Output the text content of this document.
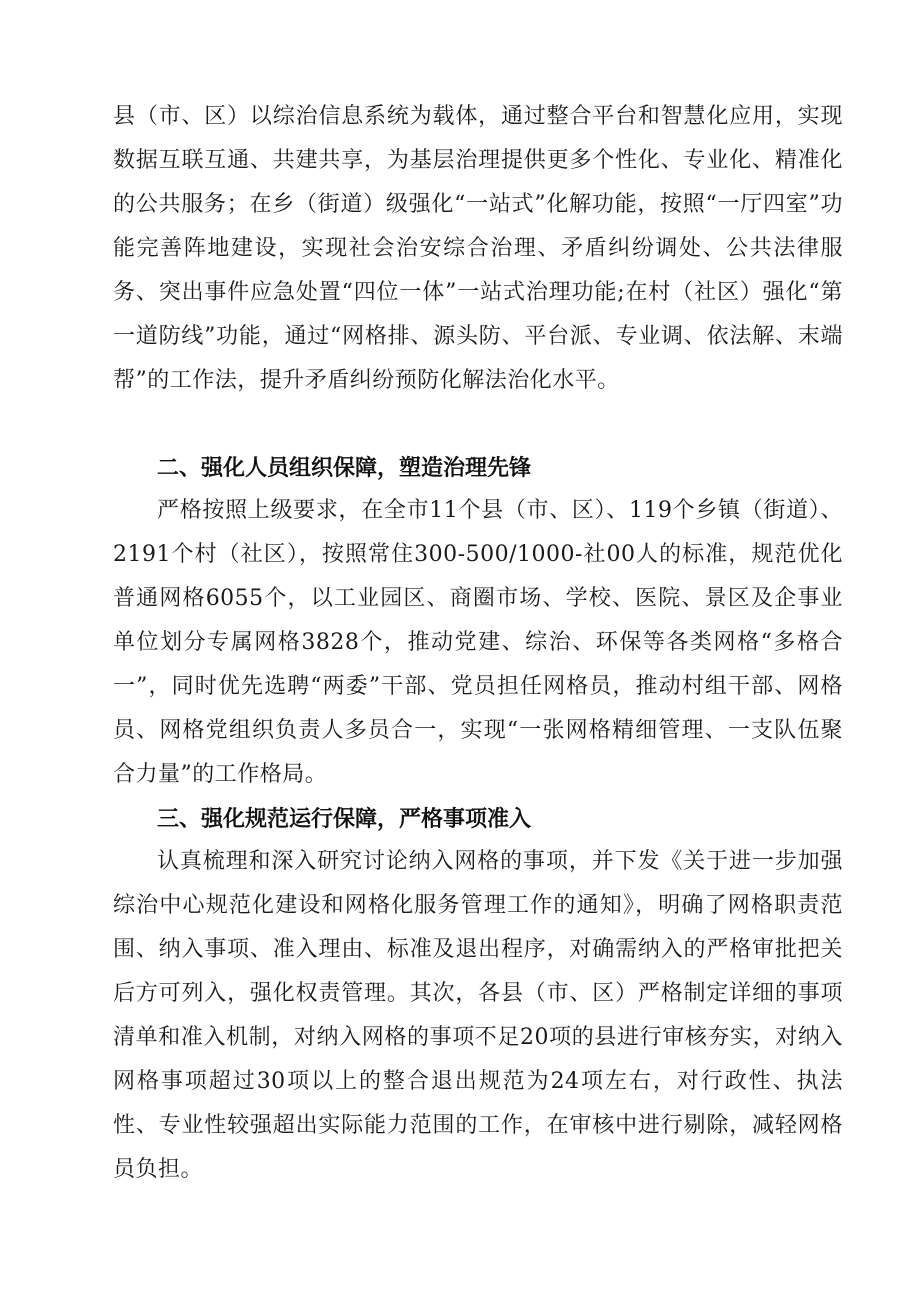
县（市、区）以综治信息系统为载体，通过整合平台和智慧化应用，实现数据互联互通、共建共享，为基层治理提供更多个性化、专业化、精准化的公共服务；在乡（街道）级强化“一站式”化解功能，按照“一厅四室”功能完善阵地建设，实现社会治安综合治理、矛盾纠纷调处、公共法律服务、突出事件应急处置“四位一体”一站式治理功能;在村（社区）强化“第一道防线”功能，通过“网格排、源头防、平台派、专业调、依法解、末端帮”的工作法，提升矛盾纠纷预防化解法治化水平。

二、强化人员组织保障，塑造治理先锋

严格按照上级要求，在全市11个县（市、区）、119个乡镇（街道）、2191个村（社区），按照常住300-500/1000-社00人的标准，规范优化普通网格6055个，以工业园区、商圈市场、学校、医院、景区及企事业单位划分专属网格3828个，推动党建、综治、环保等各类网格“多格合一”，同时优先选聘“两委”干部、党员担任网格员，推动村组干部、网格员、网格党组织负责人多员合一，实现“一张网格精细管理、一支队伍聚合力量”的工作格局。

三、强化规范运行保障，严格事项准入

认真梳理和深入研究讨论纳入网格的事项，并下发《关于进一步加强综治中心规范化建设和网格化服务管理工作的通知》，明确了网格职责范围、纳入事项、准入理由、标准及退出程序，对确需纳入的严格审批把关后方可列入，强化权责管理。其次，各县（市、区）严格制定详细的事项清单和准入机制，对纳入网格的事项不足20项的县进行审核夯实，对纳入网格事项超过30项以上的整合退出规范为24项左右，对行政性、执法性、专业性较强超出实际能力范围的工作，在审核中进行剔除，减轻网格员负担。
